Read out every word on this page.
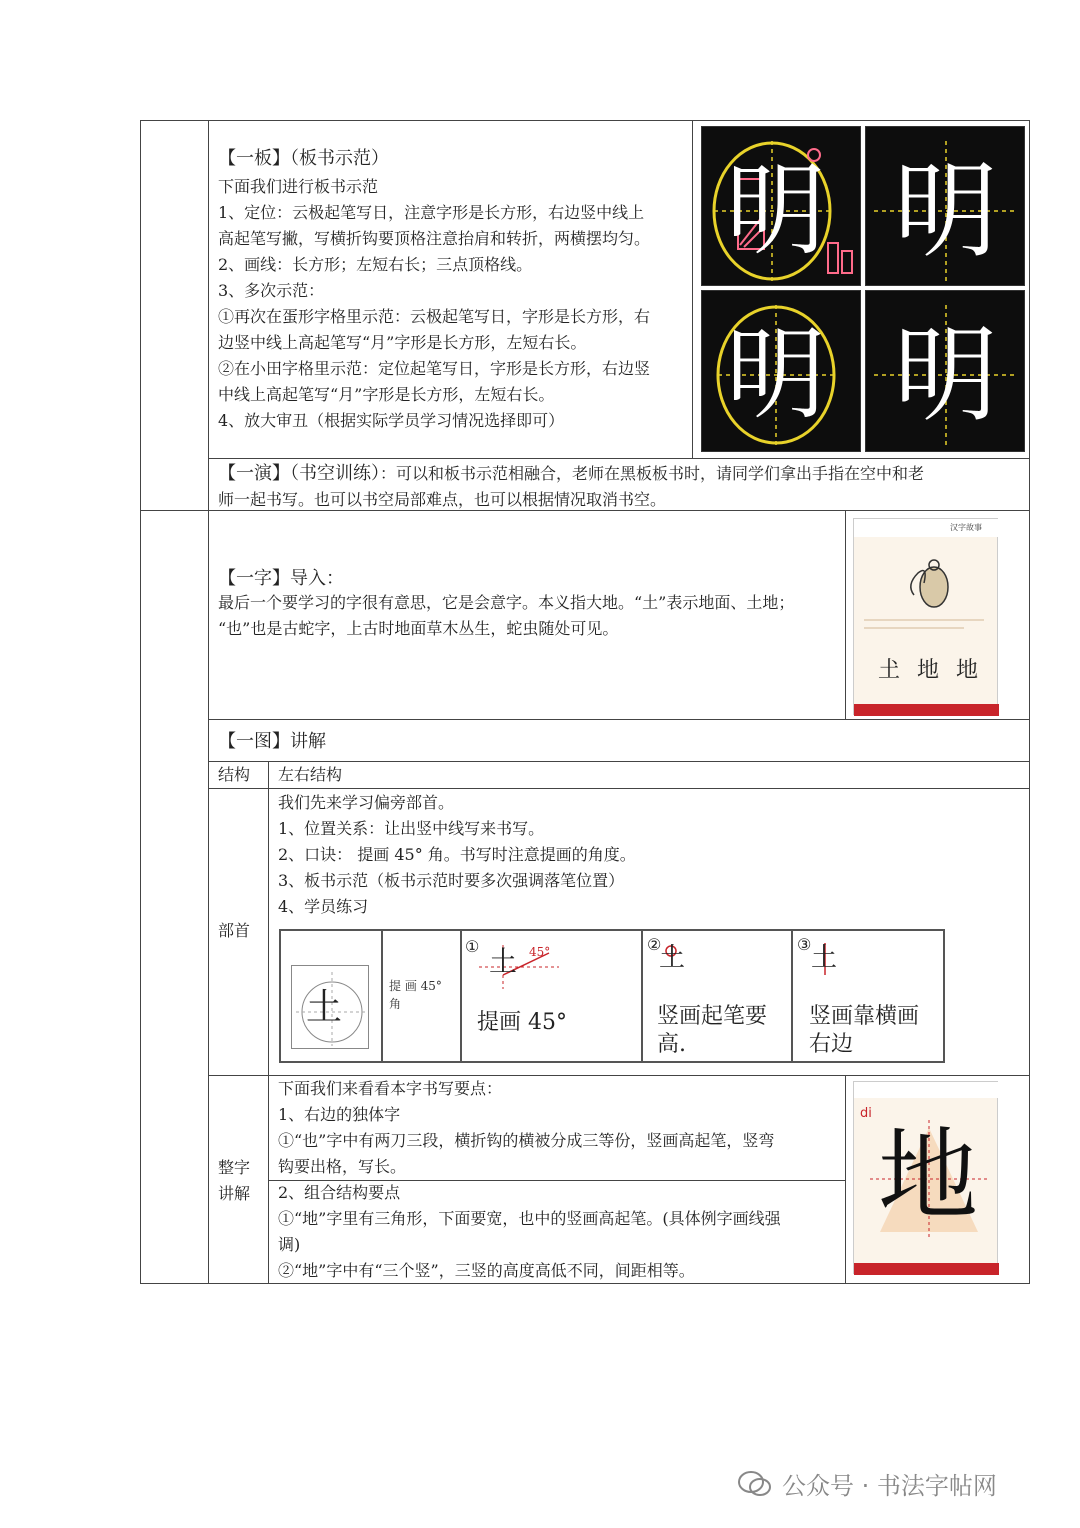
【一板】（板书示范）
下面我们进行板书示范
1、定位：云极起笔写日，注意字形是长方形，右边竖中线上
高起笔写撇，写横折钩要顶格注意抬肩和转折，两横摆均匀。
2、画线：长方形；左短右长；三点顶格线。
3、多次示范：
①再次在蛋形字格里示范：云极起笔写日，字形是长方形，右
边竖中线上高起笔写“月”字形是长方形，左短右长。
②在小田字格里示范：定位起笔写日，字形是长方形，右边竖
中线上高起笔写“月”字形是长方形，左短右长。
4、放大审丑（根据实际学员学习情况选择即可）
明 明
明 明
【一演】（书空训练）：可以和板书示范相融合，老师在黑板板书时，请同学们拿出手指在空中和老
师一起书写。也可以书空局部难点，也可以根据情况取消书空。
【一字】导入：
最后一个要学习的字很有意思，它是会意字。本义指大地。“土”表示地面、土地；
“也”也是古蛇字，上古时地面草木丛生，蛇虫随处可见。
汉字故事
𡈽 地 地
【一图】讲解
结构 左右结构
部首
我们先来学习偏旁部首。
1、位置关系：让出竖中线写来书写。
2、口诀： 提画 45° 角。书写时注意提画的角度。
3、板书示范（板书示范时要多次强调落笔位置）
4、学员练习
土
提 画 45°
角
① 土 45°
提画 45°
②
土
竖画起笔要
高.
③ 土
竖画靠横画
右边
整字
讲解
下面我们来看看本字书写要点：
1、右边的独体字
①“也”字中有两刀三段，横折钩的横被分成三等份，竖画高起笔，竖弯
钩要出格，写长。
2、组合结构要点
①“地”字里有三角形，下面要宽，也中的竖画高起笔。(具体例字画线强
调)
②“地”字中有“三个竖”，三竖的高度高低不同，间距相等。
di
地
公众号 · 书法字帖网
